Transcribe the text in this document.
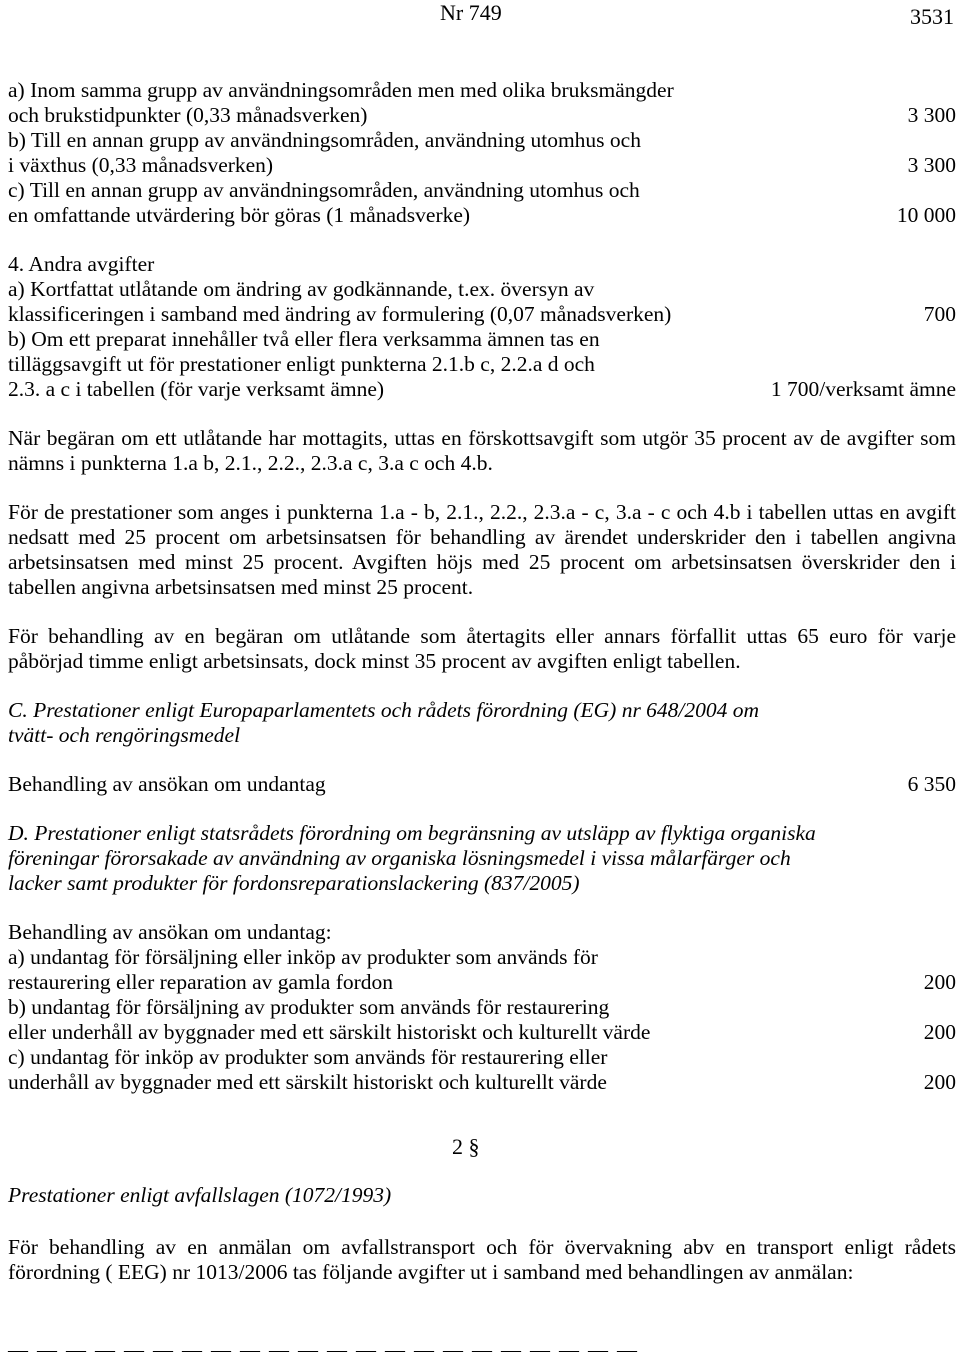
Nr 749	3531
a) Inom samma grupp av användningsområden men med olika bruksmängder
och brukstidpunkter (0,33 månadsverken)	3 300
b) Till en annan grupp av användningsområden, användning utomhus och
i växthus (0,33 månadsverken)	3 300
c) Till en annan grupp av användningsområden, användning utomhus och
en omfattande utvärdering bör göras (1 månadsverke)	10 000
4. Andra avgifter
a) Kortfattat utlåtande om ändring av godkännande, t.ex. översyn av
klassificeringen i samband med ändring av formulering (0,07 månadsverken)	700
b) Om ett preparat innehåller två eller flera verksamma ämnen tas en
tilläggsavgift ut för prestationer enligt punkterna 2.1.b c, 2.2.a d och
2.3. a c i tabellen (för varje verksamt ämne)	1 700/verksamt ämne
När begäran om ett utlåtande har mottagits, uttas en förskottsavgift som utgör 35 procent av de avgifter som nämns i punkterna 1.a b, 2.1., 2.2., 2.3.a c, 3.a c och 4.b.
För de prestationer som anges i punkterna 1.a - b, 2.1., 2.2., 2.3.a - c, 3.a - c och 4.b i tabellen uttas en avgift nedsatt med 25 procent om arbetsinsatsen för behandling av ärendet underskrider den i tabellen angivna arbetsinsatsen med minst 25 procent. Avgiften höjs med 25 procent om arbetsinsatsen överskrider den i tabellen angivna arbetsinsatsen med minst 25 procent.
För behandling av en begäran om utlåtande som återtagits eller annars förfallit uttas 65 euro för varje påbörjad timme enligt arbetsinsats, dock minst 35 procent av avgiften enligt tabellen.
C. Prestationer enligt Europaparlamentets och rådets förordning (EG) nr 648/2004 om
tvätt- och rengöringsmedel
Behandling av ansökan om undantag	6 350
D. Prestationer enligt statsrådets förordning om begränsning av utsläpp av flyktiga organiska
föreningar förorsakade av användning av organiska lösningsmedel i vissa målarfärger och
lacker samt produkter för fordonsreparationslackering (837/2005)
Behandling av ansökan om undantag:
a) undantag för försäljning eller inköp av produkter som används för
restaurering eller reparation av gamla fordon	200
b) undantag för försäljning av produkter som används för restaurering
eller underhåll av byggnader med ett särskilt historiskt och kulturellt värde	200
c) undantag för inköp av produkter som används för restaurering eller
underhåll av byggnader med ett särskilt historiskt och kulturellt värde	200
2 §
Prestationer enligt avfallslagen (1072/1993)
För behandling av en anmälan om avfallstransport och för övervakning abv en transport enligt rådets förordning ( EEG) nr 1013/2006 tas följande avgifter ut i samband med behandlingen av anmälan:
— — — — — — — — — — — — — — — — — — — — — —
